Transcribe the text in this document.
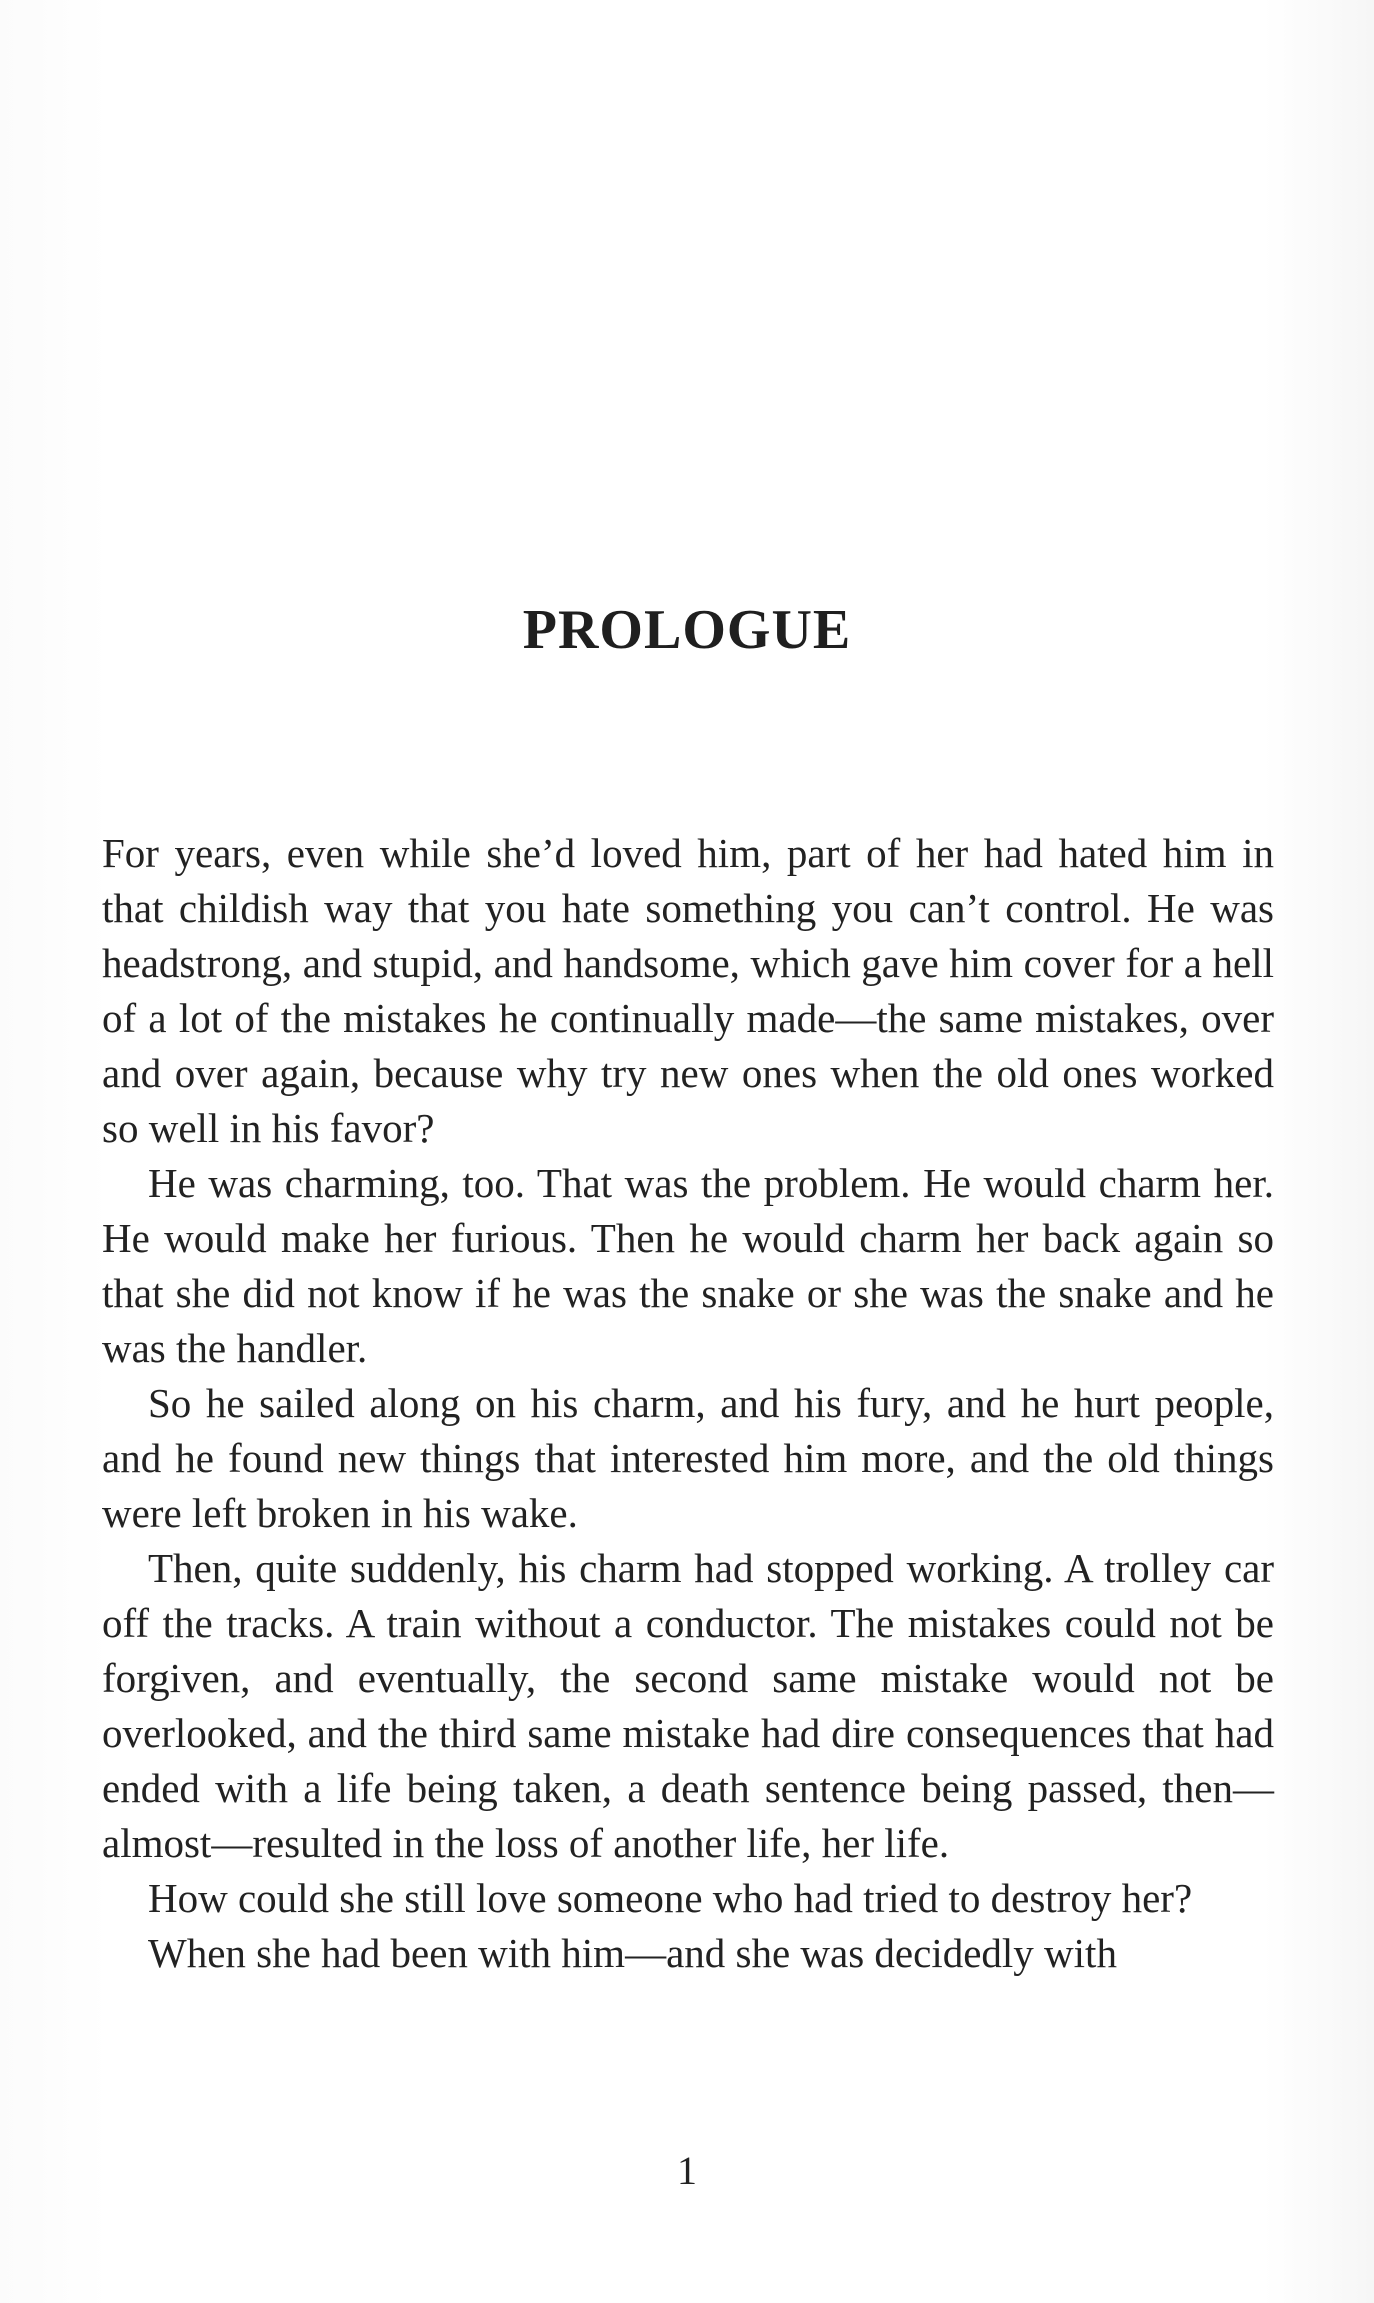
PROLOGUE

For years, even while she’d loved him, part of her had hated him in that childish way that you hate something you can’t control. He was headstrong, and stupid, and handsome, which gave him cover for a hell of a lot of the mistakes he continually made—the same mistakes, over and over again, because why try new ones when the old ones worked so well in his favor?

He was charming, too. That was the problem. He would charm her. He would make her furious. Then he would charm her back again so that she did not know if he was the snake or she was the snake and he was the handler.

So he sailed along on his charm, and his fury, and he hurt people, and he found new things that interested him more, and the old things were left broken in his wake.

Then, quite suddenly, his charm had stopped working. A trolley car off the tracks. A train without a conductor. The mistakes could not be forgiven, and eventually, the second same mistake would not be overlooked, and the third same mistake had dire consequences that had ended with a life being taken, a death sentence being passed, then—almost—resulted in the loss of another life, her life.

How could she still love someone who had tried to destroy her?

When she had been with him—and she was decidedly with

1
